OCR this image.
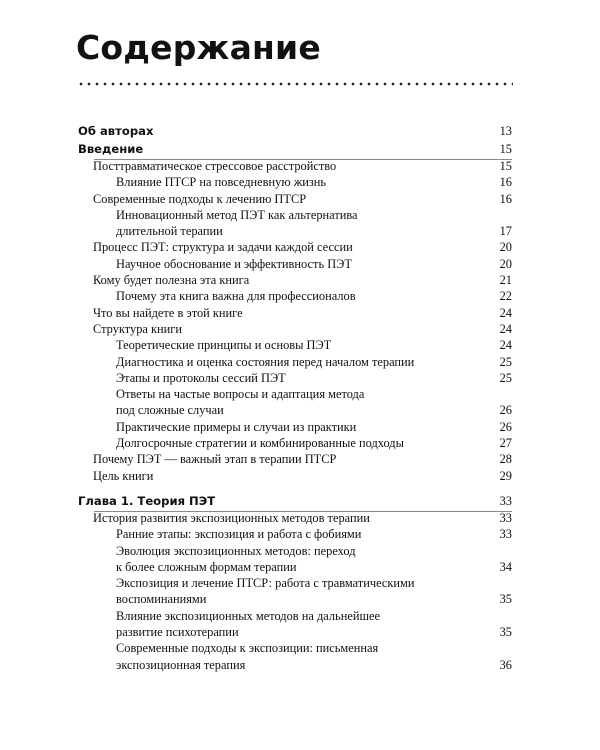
Содержание
Об авторах	13
Введение	15
Посттравматическое стрессовое расстройство	15
Влияние ПТСР на повседневную жизнь	16
Современные подходы к лечению ПТСР	16
Инновационный метод ПЭТ как альтернатива
длительной терапии	17
Процесс ПЭТ: структура и задачи каждой сессии	20
Научное обоснование и эффективность ПЭТ	20
Кому будет полезна эта книга	21
Почему эта книга важна для профессионалов	22
Что вы найдете в этой книге	24
Структура книги	24
Теоретические принципы и основы ПЭТ	24
Диагностика и оценка состояния перед началом терапии	25
Этапы и протоколы сессий ПЭТ	25
Ответы на частые вопросы и адаптация метода
под сложные случаи	26
Практические примеры и случаи из практики	26
Долгосрочные стратегии и комбинированные подходы	27
Почему ПЭТ — важный этап в терапии ПТСР	28
Цель книги	29
Глава 1. Теория ПЭТ	33
История развития экспозиционных методов терапии	33
Ранние этапы: экспозиция и работа с фобиями	33
Эволюция экспозиционных методов: переход
к более сложным формам терапии	34
Экспозиция и лечение ПТСР: работа с травматическими
воспоминаниями	35
Влияние экспозиционных методов на дальнейшее
развитие психотерапии	35
Современные подходы к экспозиции: письменная
экспозиционная терапия	36
